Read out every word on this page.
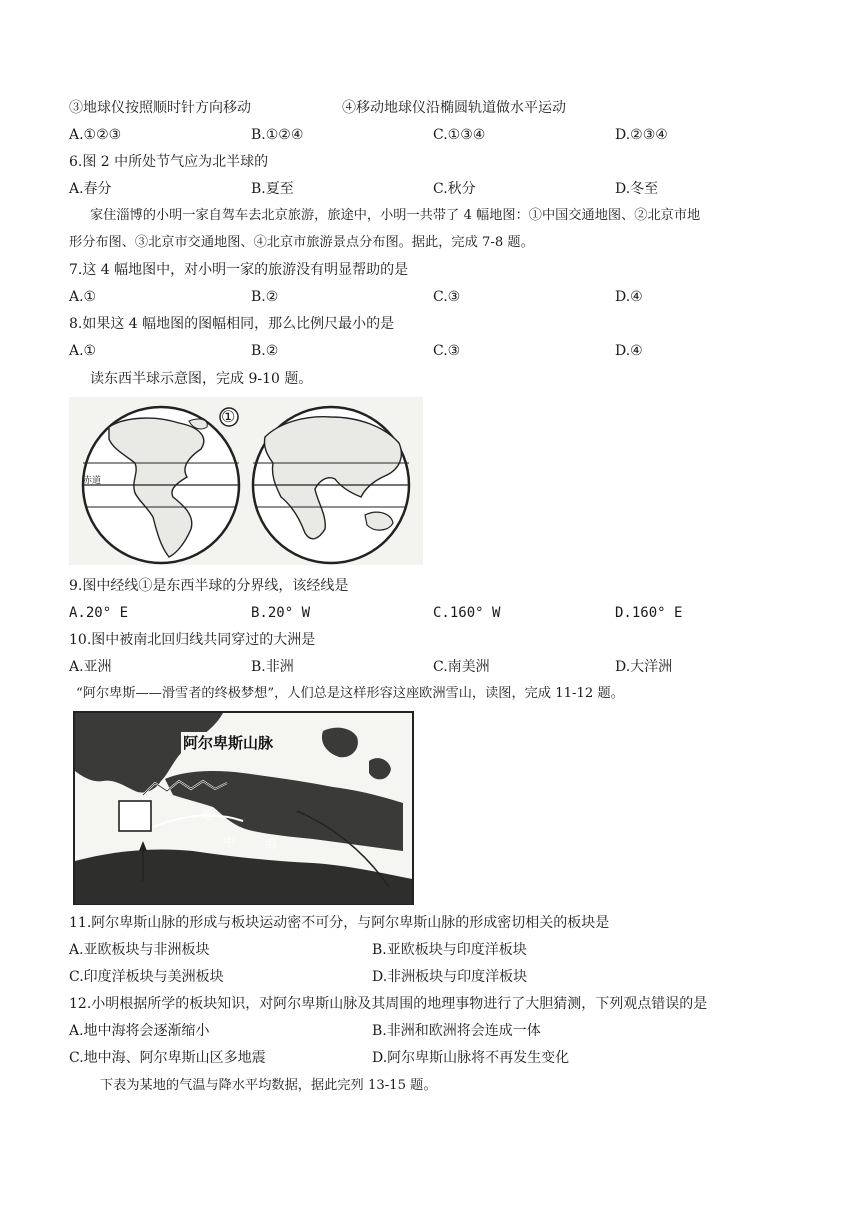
③地球仪按照顺时针方向移动	④移动地球仪沿椭圆轨道做水平运动
A.①②③	B.①②④	C.①③④	D.②③④
6.图 2 中所处节气应为北半球的
A.春分	B.夏至	C.秋分	D.冬至
家住淄博的小明一家自驾车去北京旅游，旅途中，小明一共带了 4 幅地图：①中国交通地图、②北京市地
形分布图、③北京市交通地图、④北京市旅游景点分布图。据此，完成 7-8 题。
7.这 4 幅地图中，对小明一家的旅游没有明显帮助的是
A.①	B.②	C.③	D.④
8.如果这 4 幅地图的图幅相同，那么比例尺最小的是
A.①	B.②	C.③	D.④
读东西半球示意图，完成 9-10 题。
①
赤道
9.图中经线①是东西半球的分界线，该经线是
A.20° E	B.20° W	C.160° W	D.160° E
10.图中被南北回归线共同穿过的大洲是
A.亚洲	B.非洲	C.南美洲	D.大洋洲
“阿尔卑斯——滑雪者的终极梦想”，人们总是这样形容这座欧洲雪山，读图，完成 11-12 题。
阿尔卑斯山脉
地
中 海
11.阿尔卑斯山脉的形成与板块运动密不可分，与阿尔卑斯山脉的形成密切相关的板块是
A.亚欧板块与非洲板块	B.亚欧板块与印度洋板块
C.印度洋板块与美洲板块	D.非洲板块与印度洋板块
12.小明根据所学的板块知识，对阿尔卑斯山脉及其周围的地理事物进行了大胆猜测，下列观点错误的是
A.地中海将会逐渐缩小	B.非洲和欧洲将会连成一体
C.地中海、阿尔卑斯山区多地震	D.阿尔卑斯山脉将不再发生变化
下表为某地的气温与降水平均数据，据此完列 13-15 题。
